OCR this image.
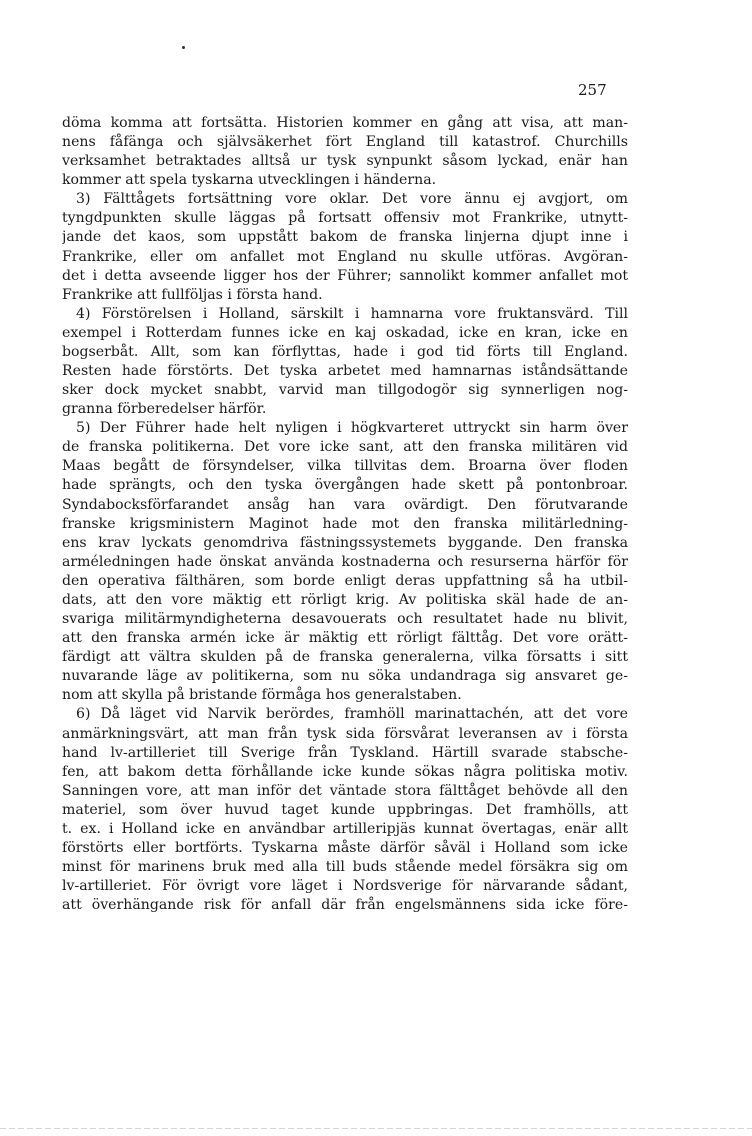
257
döma komma att fortsätta. Historien kommer en gång att visa, att man-
nens fåfänga och självsäkerhet fört England till katastrof. Churchills
verksamhet betraktades alltså ur tysk synpunkt såsom lyckad, enär han
kommer att spela tyskarna utvecklingen i händerna.
3) Fälttågets fortsättning vore oklar. Det vore ännu ej avgjort, om
tyngdpunkten skulle läggas på fortsatt offensiv mot Frankrike, utnytt-
jande det kaos, som uppstått bakom de franska linjerna djupt inne i
Frankrike, eller om anfallet mot England nu skulle utföras. Avgöran-
det i detta avseende ligger hos der Führer; sannolikt kommer anfallet mot
Frankrike att fullföljas i första hand.
4) Förstörelsen i Holland, särskilt i hamnarna vore fruktansvärd. Till
exempel i Rotterdam funnes icke en kaj oskadad, icke en kran, icke en
bogserbåt. Allt, som kan förflyttas, hade i god tid förts till England.
Resten hade förstörts. Det tyska arbetet med hamnarnas iståndsättande
sker dock mycket snabbt, varvid man tillgodogör sig synnerligen nog-
granna förberedelser härför.
5) Der Führer hade helt nyligen i högkvarteret uttryckt sin harm över
de franska politikerna. Det vore icke sant, att den franska militären vid
Maas begått de försyndelser, vilka tillvitas dem. Broarna över floden
hade sprängts, och den tyska övergången hade skett på pontonbroar.
Syndabocksförfarandet ansåg han vara ovärdigt. Den förutvarande
franske krigsministern Maginot hade mot den franska militärledning-
ens krav lyckats genomdriva fästningssystemets byggande. Den franska
arméledningen hade önskat använda kostnaderna och resurserna härför för
den operativa fälthären, som borde enligt deras uppfattning så ha utbil-
dats, att den vore mäktig ett rörligt krig. Av politiska skäl hade de an-
svariga militärmyndigheterna desavouerats och resultatet hade nu blivit,
att den franska armén icke är mäktig ett rörligt fälttåg. Det vore orätt-
färdigt att vältra skulden på de franska generalerna, vilka försatts i sitt
nuvarande läge av politikerna, som nu söka undandraga sig ansvaret ge-
nom att skylla på bristande förmåga hos generalstaben.
6) Då läget vid Narvik berördes, framhöll marinattachén, att det vore
anmärkningsvärt, att man från tysk sida försvårat leveransen av i första
hand lv-artilleriet till Sverige från Tyskland. Härtill svarade stabsche-
fen, att bakom detta förhållande icke kunde sökas några politiska motiv.
Sanningen vore, att man inför det väntade stora fälttåget behövde all den
materiel, som över huvud taget kunde uppbringas. Det framhölls, att
t. ex. i Holland icke en användbar artilleripjäs kunnat övertagas, enär allt
förstörts eller bortförts. Tyskarna måste därför såväl i Holland som icke
minst för marinens bruk med alla till buds stående medel försäkra sig om
lv-artilleriet. För övrigt vore läget i Nordsverige för närvarande sådant,
att överhängande risk för anfall där från engelsmännens sida icke före-
